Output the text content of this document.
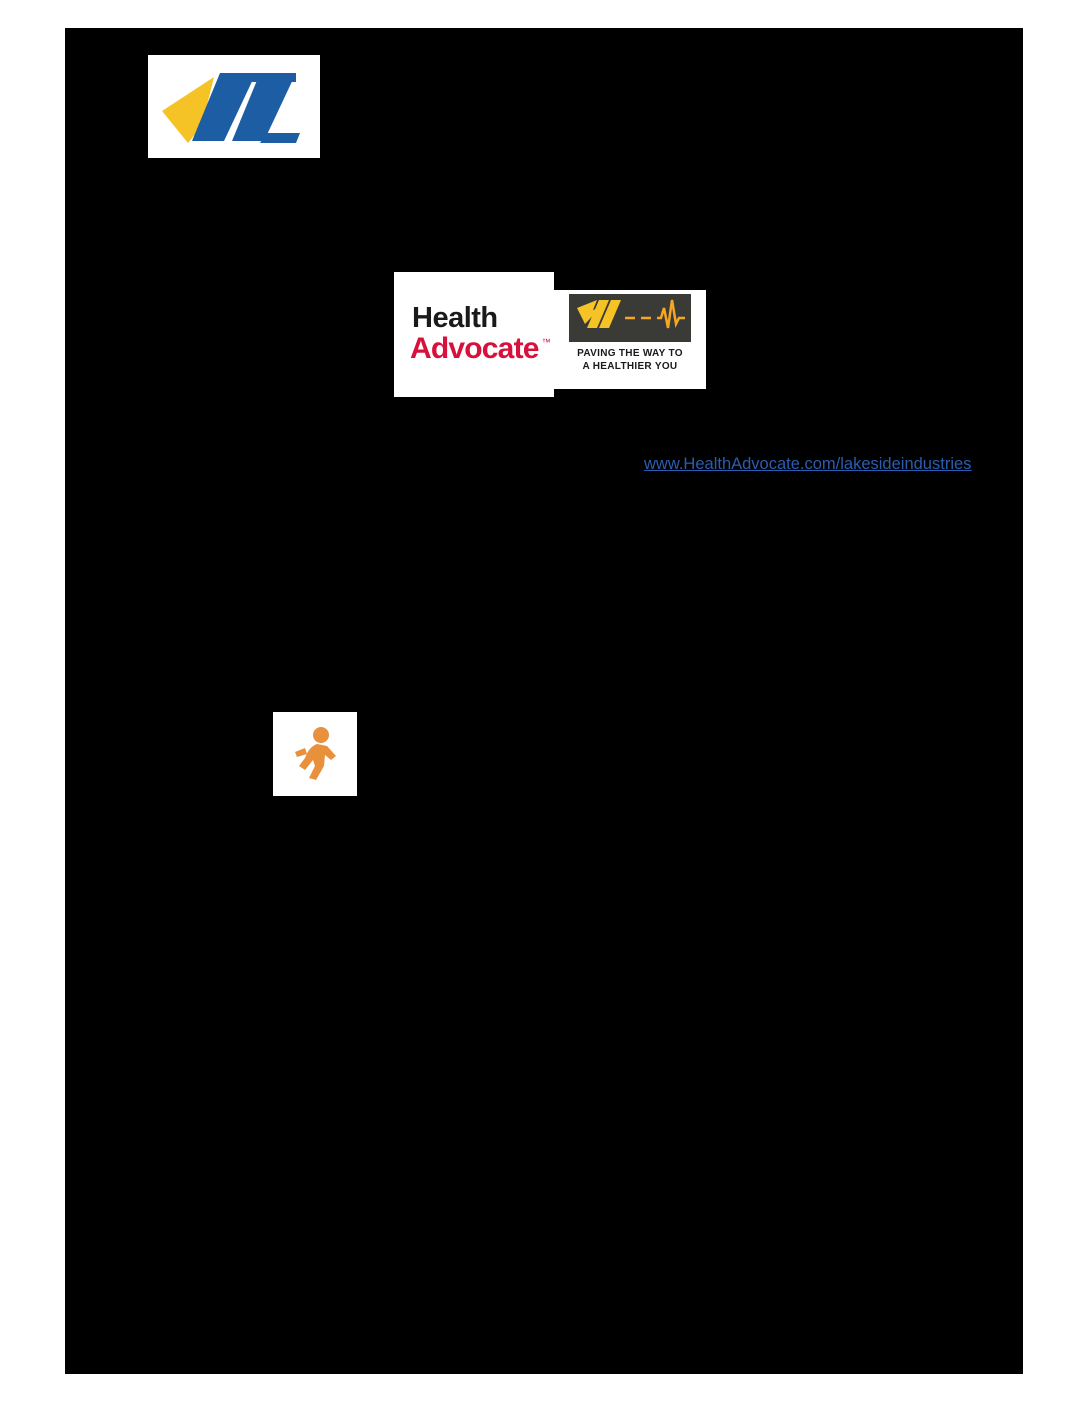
Health
Advocate ™
PAVING THE WAY TO
A HEALTHIER YOU
www.HealthAdvocate.com/lakesideindustries
